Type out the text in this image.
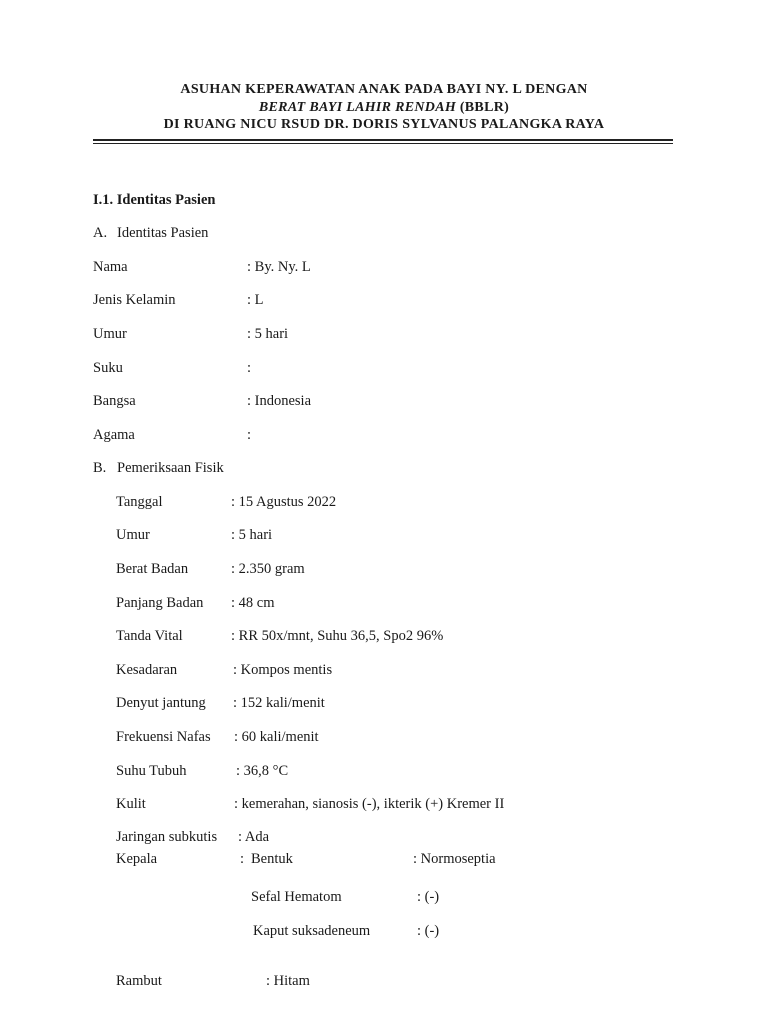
ASUHAN KEPERAWATAN ANAK PADA BAYI NY. L DENGAN
BERAT BAYI LAHIR RENDAH (BBLR)
DI RUANG NICU RSUD DR. DORIS SYLVANUS PALANGKA RAYA
I.1. Identitas Pasien
A. Identitas Pasien
Nama	: By. Ny. L
Jenis Kelamin	: L
Umur	: 5 hari
Suku	:
Bangsa	: Indonesia
Agama	:
B. Pemeriksaan Fisik
Tanggal	: 15 Agustus 2022
Umur	: 5 hari
Berat Badan	: 2.350 gram
Panjang Badan : 48 cm
Tanda Vital	: RR 50x/mnt, Suhu 36,5, Spo2 96%
Kesadaran	: Kompos mentis
Denyut jantung : 152 kali/menit
Frekuensi Nafas : 60 kali/menit
Suhu Tubuh	: 36,8 °C
Kulit	: kemerahan, sianosis (-), ikterik (+) Kremer II
Jaringan subkutis : Ada
Kepala	: Bentuk	: Normoseptia
Sefal Hematom	: (-)
Kaput suksadeneum	: (-)
Rambut	: Hitam
